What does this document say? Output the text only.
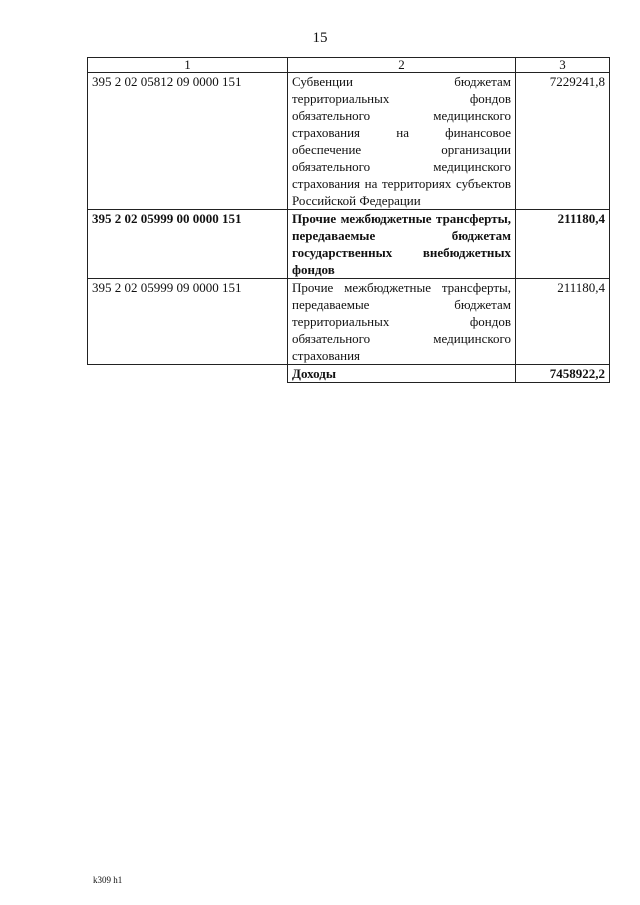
15
1	2	3
395 2 02 05812 09 0000 151	Субвенции бюджетам территориальных фондов обязательного медицинского страхования на финансовое обеспечение организации обязательного медицинского страхования на территориях субъектов Российской Федерации	7229241,8
395 2 02 05999 00 0000 151	Прочие межбюджетные трансферты, передаваемые бюджетам государственных внебюджетных фондов	211180,4
395 2 02 05999 09 0000 151	Прочие межбюджетные трансферты, передаваемые бюджетам территориальных фондов обязательного медицинского страхования	211180,4
	Доходы	7458922,2
k309 h1
